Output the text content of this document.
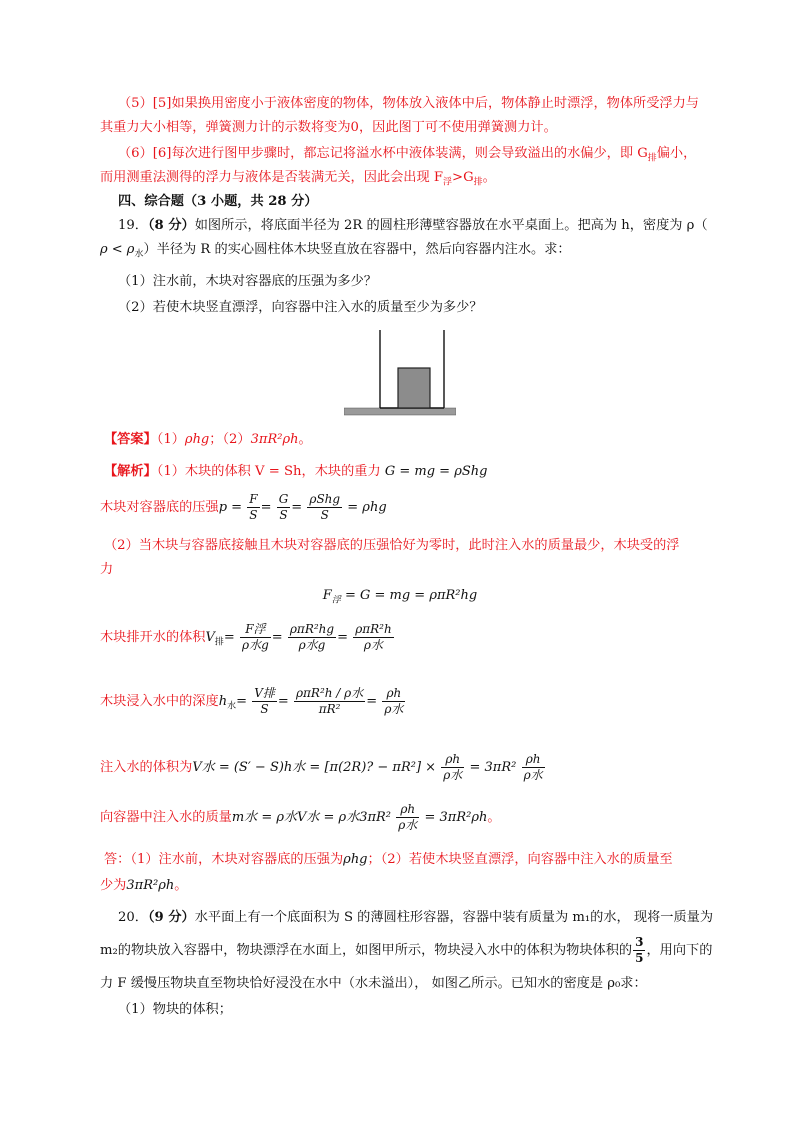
（5）[5]如果换用密度小于液体密度的物体，物体放入液体中后，物体静止时漂浮，物体所受浮力与
其重力大小相等，弹簧测力计的示数将变为0，因此图丁可不使用弹簧测力计。
（6）[6]每次进行图甲步骤时，都忘记将溢水杯中液体装满，则会导致溢出的水偏少，即 $G_排$偏小，
而用测重法测得的浮力与液体是否装满无关，因此会出现 $F_浮>G_排$。
四、综合题（3 小题，共 28 分）
19．（8 分）如图所示，将底面半径为 2R 的圆柱形薄壁容器放在水平桌面上。把高为 h，密度为 ρ（
$\rho < \rho_水$）半径为 R 的实心圆柱体木块竖直放在容器中，然后向容器内注水。求：
（1）注水前，木块对容器底的压强为多少？
（2）若使木块竖直漂浮，向容器中注入水的质量至少为多少？
【答案】（1）ρhg；（2）3πR²ρh。
【解析】（1）木块的体积 V = Sh，木块的重力 G = mg = ρShg
木块对容器底的压强$p = \frac{F}{S} = \frac{G}{S} = \frac{\text{ρShg}}{S} = \rho hg$
（2）当木块与容器底接触且木块对容器底的压强恰好为零时，此时注入水的质量最少，木块受的浮
力
$F_浮 = G$ = mg = ρπR²hg
木块排开水的体积$V_排= \frac{\text{F浮}}{\text{ρ水g}} = \frac{\text{ρπR²hg}}{\text{ρ水g}} = \frac{\text{ρπR²h}}{\text{ρ水}}$
木块浸入水中的深度$h_水= \frac{\text{V排}}{S} = \frac{\text{ρπR²h / ρ水}}{\text{πR²}} = \frac{\rho h}{\text{ρ水}}$
注入水的体积为V水 = (S′ − S)h水 = [π(2R)? − $\pi R^2] \times \frac{\rho h}{\text{ρ水}} = 3\pi R^2 \frac{\rho h}{\text{ρ水}}$
向容器中注入水的质量m水 = ρ水V水 = ρ水$3\pi R^2 \frac{\rho h}{\text{ρ水}} = 3\pi R^2\rho h$。
答：（1）注水前，木块对容器底的压强为ρhg；（2）若使木块竖直漂浮，向容器中注入水的质量至
少为3πR²ρh。
20．（9 分）水平面上有一个底面积为 S 的薄圆柱形容器，容器中装有质量为 m₁的水， 现将一质量为
m₂的物块放入容器中，物块漂浮在水面上，如图甲所示，物块浸入水中的体积为物块体积的 $\frac{3}{5}$ ，用向下的
力 F 缓慢压物块直至物块恰好浸没在水中（水未溢出）， 如图乙所示。已知水的密度是 ρ₀求：
（1）物块的体积；
